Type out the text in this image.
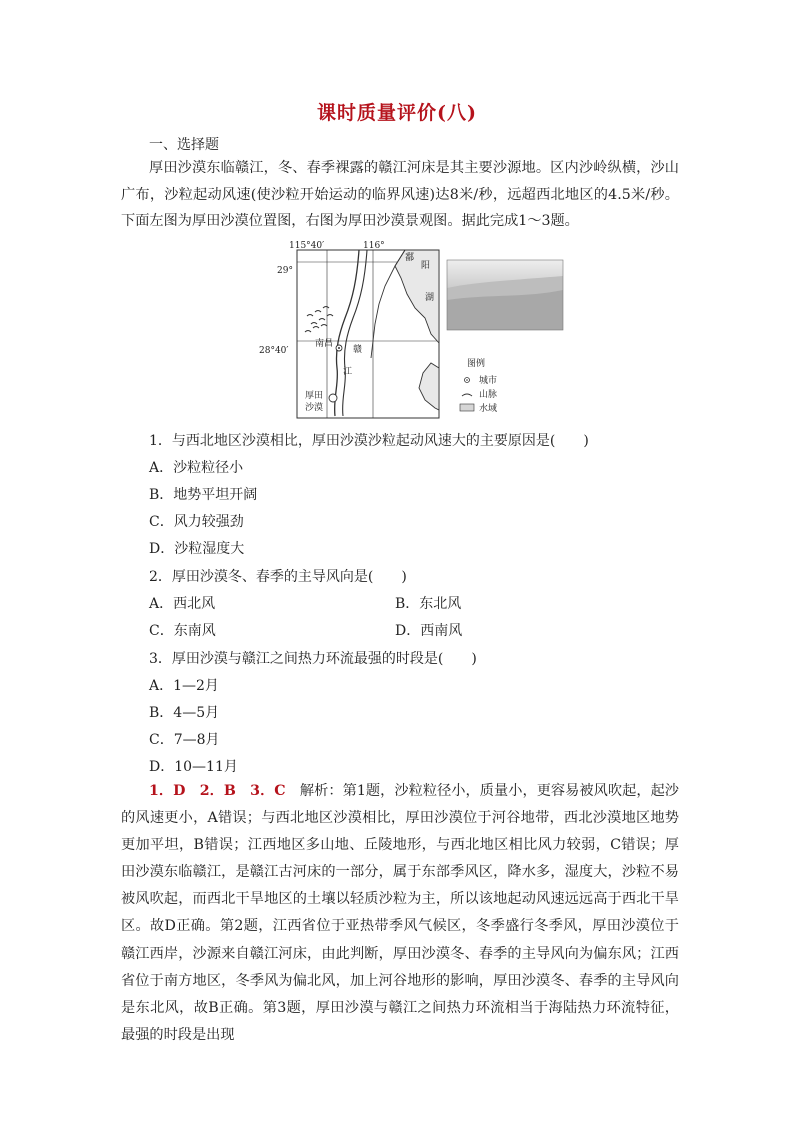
课时质量评价(八)
一、选择题
厚田沙漠东临赣江，冬、春季裸露的赣江河床是其主要沙源地。区内沙岭纵横，沙山广布，沙粒起动风速(使沙粒开始运动的临界风速)达8米/秒，远超西北地区的4.5米/秒。下面左图为厚田沙漠位置图，右图为厚田沙漠景观图。据此完成1～3题。
115°40′	116°
29°
28°40′
鄱
阳
湖
南昌
赣
江
厚田
沙漠
图例
城市
山脉
水域
1．与西北地区沙漠相比，厚田沙漠沙粒起动风速大的主要原因是(　　)
A．沙粒粒径小
B．地势平坦开阔
C．风力较强劲
D．沙粒湿度大
2．厚田沙漠冬、春季的主导风向是(　　)
A．西北风	B．东北风
C．东南风	D．西南风
3．厚田沙漠与赣江之间热力环流最强的时段是(　　)
A．1—2月
B．4—5月
C．7—8月
D．10—11月
1．D　2．B　3．C　 解析：第1题，沙粒粒径小，质量小，更容易被风吹起，起沙的风速更小，A错误；与西北地区沙漠相比，厚田沙漠位于河谷地带，西北沙漠地区地势更加平坦，B错误；江西地区多山地、丘陵地形，与西北地区相比风力较弱，C错误；厚田沙漠东临赣江，是赣江古河床的一部分，属于东部季风区，降水多，湿度大，沙粒不易被风吹起，而西北干旱地区的土壤以轻质沙粒为主，所以该地起动风速远远高于西北干旱区。故D正确。第2题，江西省位于亚热带季风气候区，冬季盛行冬季风，厚田沙漠位于赣江西岸，沙源来自赣江河床，由此判断，厚田沙漠冬、春季的主导风向为偏东风；江西省位于南方地区，冬季风为偏北风，加上河谷地形的影响，厚田沙漠冬、春季的主导风向是东北风，故B正确。第3题，厚田沙漠与赣江之间热力环流相当于海陆热力环流特征，最强的时段是出现
